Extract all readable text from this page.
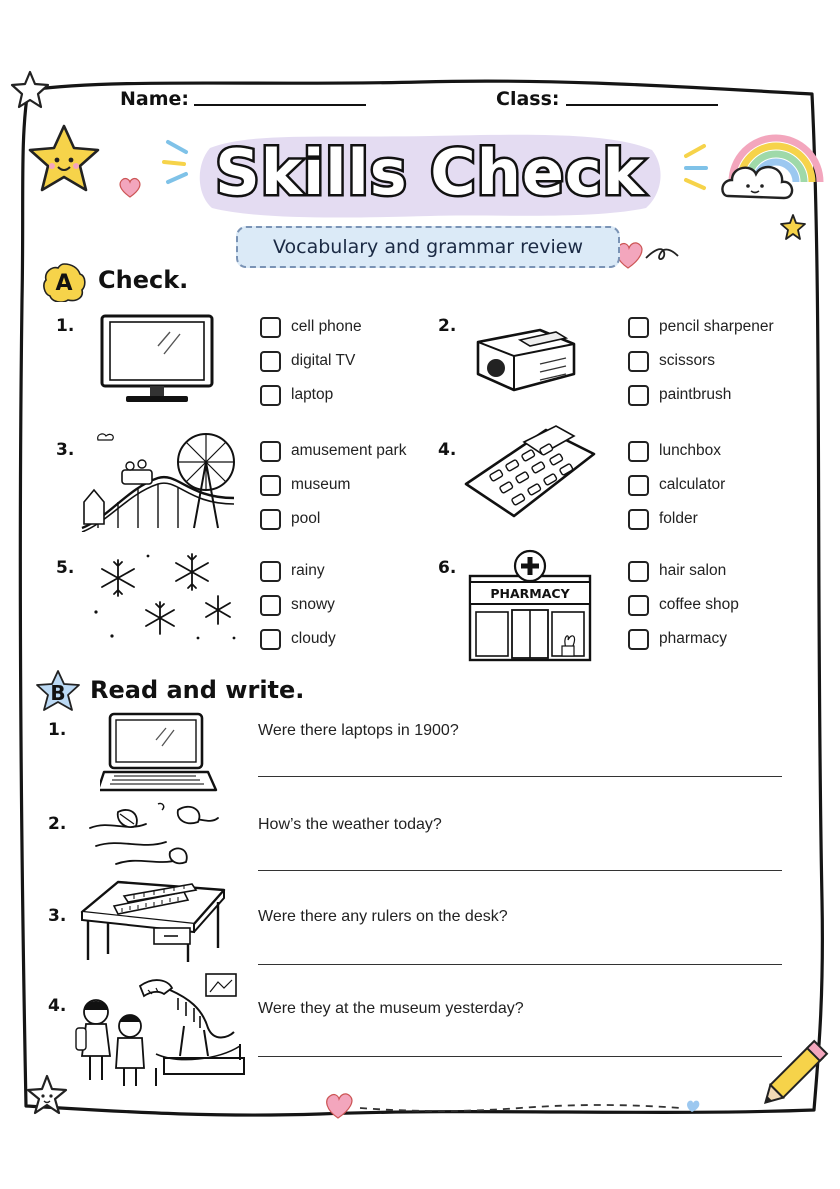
Name:	Class:
Skills Check
Vocabulary and grammar review
A Check.
1.	cell phone
digital TV
laptop
2.	pencil sharpener
scissors
paintbrush
3.	amusement park
museum
pool
4.	lunchbox
calculator
folder
5.	rainy
snowy
cloudy
6.
PHARMACY
hair salon
coffee shop
pharmacy
B Read and write.
1.	Were there laptops in 1900?
2.	How’s the weather today?
3.	Were there any rulers on the desk?
4.	Were they at the museum yesterday?
